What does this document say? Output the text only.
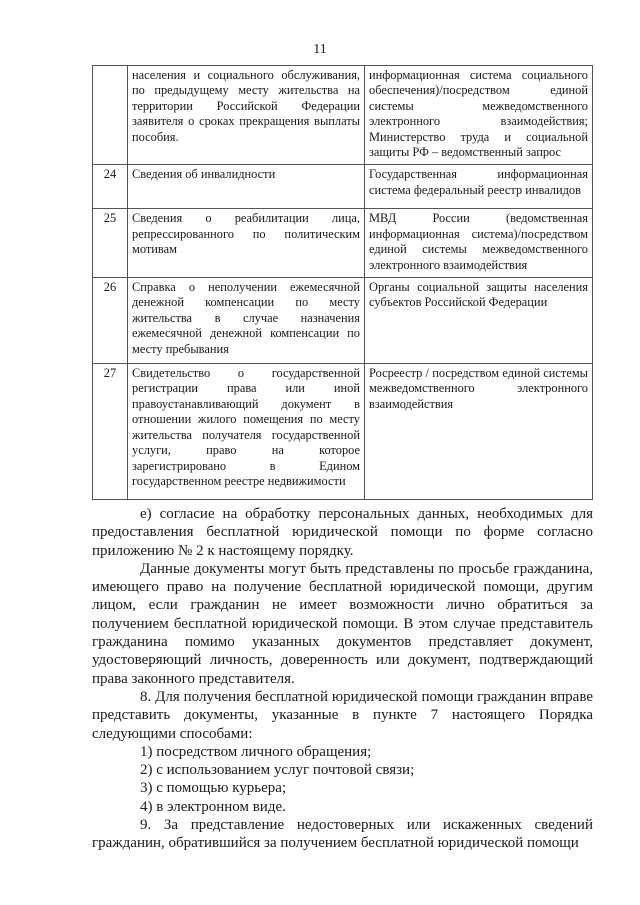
11
	населения и социального обслуживания, по предыдущему месту жительства на территории Российской Федерации заявителя о сроках прекращения выплаты пособия.	информационная система социального обеспечения)/посредством единой системы межведомственного электронного взаимодействия; Министерство труда и социальной защиты РФ – ведомственный запрос
24	Сведения об инвалидности	Государственная информационная система федеральный реестр инвалидов
25	Сведения о реабилитации лица, репрессированного по политическим мотивам	МВД России (ведомственная информационная система)/посредством единой системы межведомственного электронного взаимодействия
26	Справка о неполучении ежемесячной денежной компенсации по месту жительства в случае назначения ежемесячной денежной компенсации по месту пребывания	Органы социальной защиты населения субъектов Российской Федерации
27	Свидетельство о государственной регистрации права или иной правоустанавливающий документ в отношении жилого помещения по месту жительства получателя государственной услуги, право на которое зарегистрировано в Едином государственном реестре недвижимости	Росреестр / посредством единой системы межведомственного электронного взаимодействия

е) согласие на обработку персональных данных, необходимых для предоставления бесплатной юридической помощи по форме согласно приложению № 2 к настоящему порядку.

Данные документы могут быть представлены по просьбе гражданина, имеющего право на получение бесплатной юридической помощи, другим лицом, если гражданин не имеет возможности лично обратиться за получением бесплатной юридической помощи. В этом случае представитель гражданина помимо указанных документов представляет документ, удостоверяющий личность, доверенность или документ, подтверждающий права законного представителя.

8. Для получения бесплатной юридической помощи гражданин вправе представить документы, указанные в пункте 7 настоящего Порядка следующими способами:

1) посредством личного обращения;

2) с использованием услуг почтовой связи;

3) с помощью курьера;

4) в электронном виде.

9. За представление недостоверных или искаженных сведений гражданин, обратившийся за получением бесплатной юридической помощи
